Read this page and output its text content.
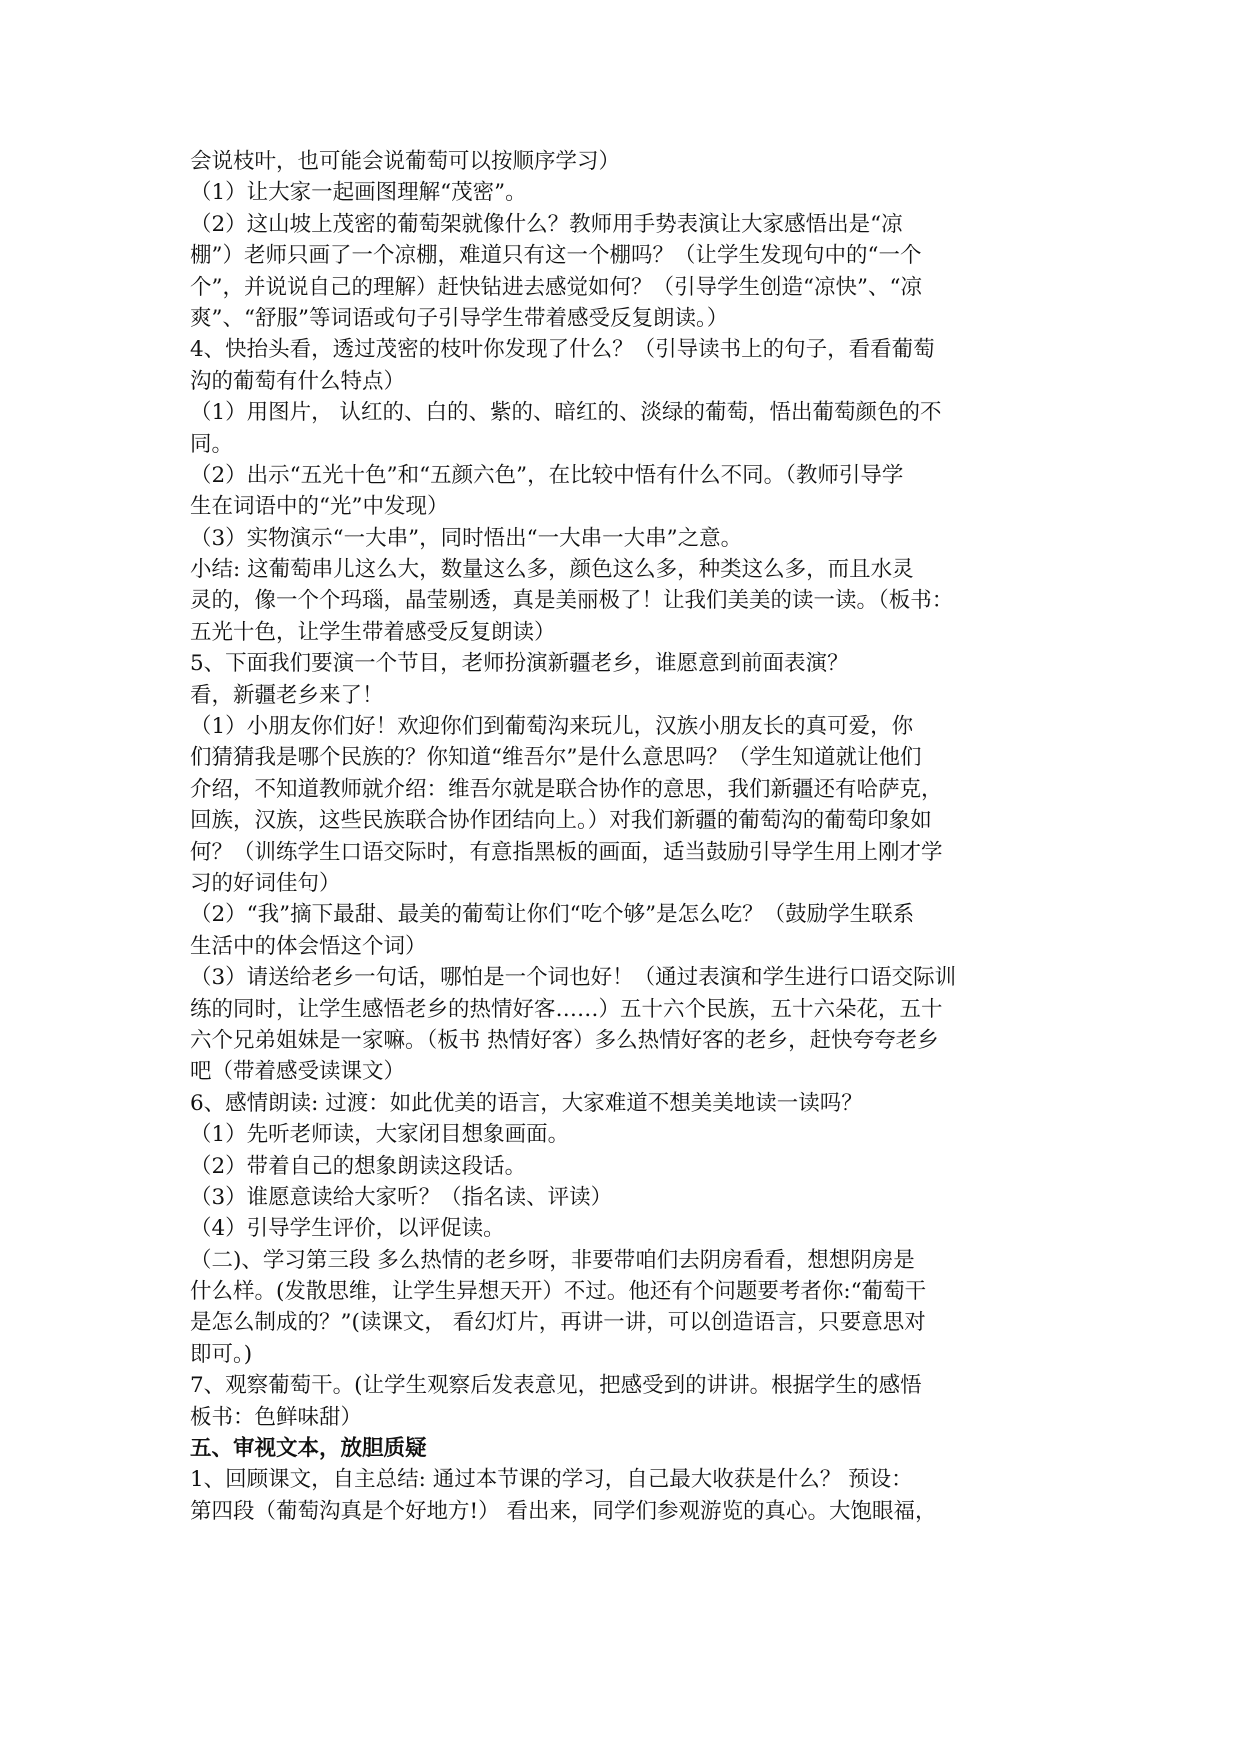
会说枝叶，也可能会说葡萄可以按顺序学习）

（1）让大家一起画图理解“茂密”。

（2）这山坡上茂密的葡萄架就像什么？教师用手势表演让大家感悟出是“凉

棚”）老师只画了一个凉棚，难道只有这一个棚吗？（让学生发现句中的“一个

个”，并说说自己的理解）赶快钻进去感觉如何？（引导学生创造“凉快”、“凉

爽”、“舒服”等词语或句子引导学生带着感受反复朗读。）

4、快抬头看，透过茂密的枝叶你发现了什么？（引导读书上的句子，看看葡萄

沟的葡萄有什么特点）

（1）用图片， 认红的、白的、紫的、暗红的、淡绿的葡萄，悟出葡萄颜色的不

同。

（2）出示“五光十色”和“五颜六色”，在比较中悟有什么不同。（教师引导学

生在词语中的“光”中发现）

（3）实物演示“一大串”，同时悟出“一大串一大串”之意。

小结: 这葡萄串儿这么大，数量这么多，颜色这么多，种类这么多，而且水灵

灵的，像一个个玛瑙，晶莹剔透，真是美丽极了！让我们美美的读一读。（板书：

五光十色，让学生带着感受反复朗读）

5、下面我们要演一个节目，老师扮演新疆老乡，谁愿意到前面表演？

看，新疆老乡来了！

（1）小朋友你们好！欢迎你们到葡萄沟来玩儿，汉族小朋友长的真可爱，你

们猜猜我是哪个民族的？你知道“维吾尔”是什么意思吗？（学生知道就让他们

介绍，不知道教师就介绍：维吾尔就是联合协作的意思，我们新疆还有哈萨克，

回族，汉族，这些民族联合协作团结向上。）对我们新疆的葡萄沟的葡萄印象如

何？（训练学生口语交际时，有意指黑板的画面，适当鼓励引导学生用上刚才学

习的好词佳句）

（2）“我”摘下最甜、最美的葡萄让你们“吃个够”是怎么吃？（鼓励学生联系

生活中的体会悟这个词）

（3）请送给老乡一句话，哪怕是一个词也好！（通过表演和学生进行口语交际训

练的同时，让学生感悟老乡的热情好客……）五十六个民族，五十六朵花，五十

六个兄弟姐妹是一家嘛。（板书 热情好客）多么热情好客的老乡，赶快夸夸老乡

吧（带着感受读课文）

6、感情朗读: 过渡：如此优美的语言，大家难道不想美美地读一读吗？

（1）先听老师读，大家闭目想象画面。

（2）带着自己的想象朗读这段话。

（3）谁愿意读给大家听？（指名读、评读）

（4）引导学生评价，以评促读。

（二)、学习第三段 多么热情的老乡呀，非要带咱们去阴房看看，想想阴房是

什么样。(发散思维，让学生异想天开）不过。他还有个问题要考者你:“葡萄干

是怎么制成的？”(读课文， 看幻灯片，再讲一讲，可以创造语言，只要意思对

即可。)

7、观察葡萄干。(让学生观察后发表意见，把感受到的讲讲。根据学生的感悟

板书：色鲜味甜）

五、审视文本，放胆质疑

1、回顾课文，自主总结: 通过本节课的学习，自己最大收获是什么？ 预设：

第四段（葡萄沟真是个好地方!） 看出来，同学们参观游览的真心。大饱眼福，
